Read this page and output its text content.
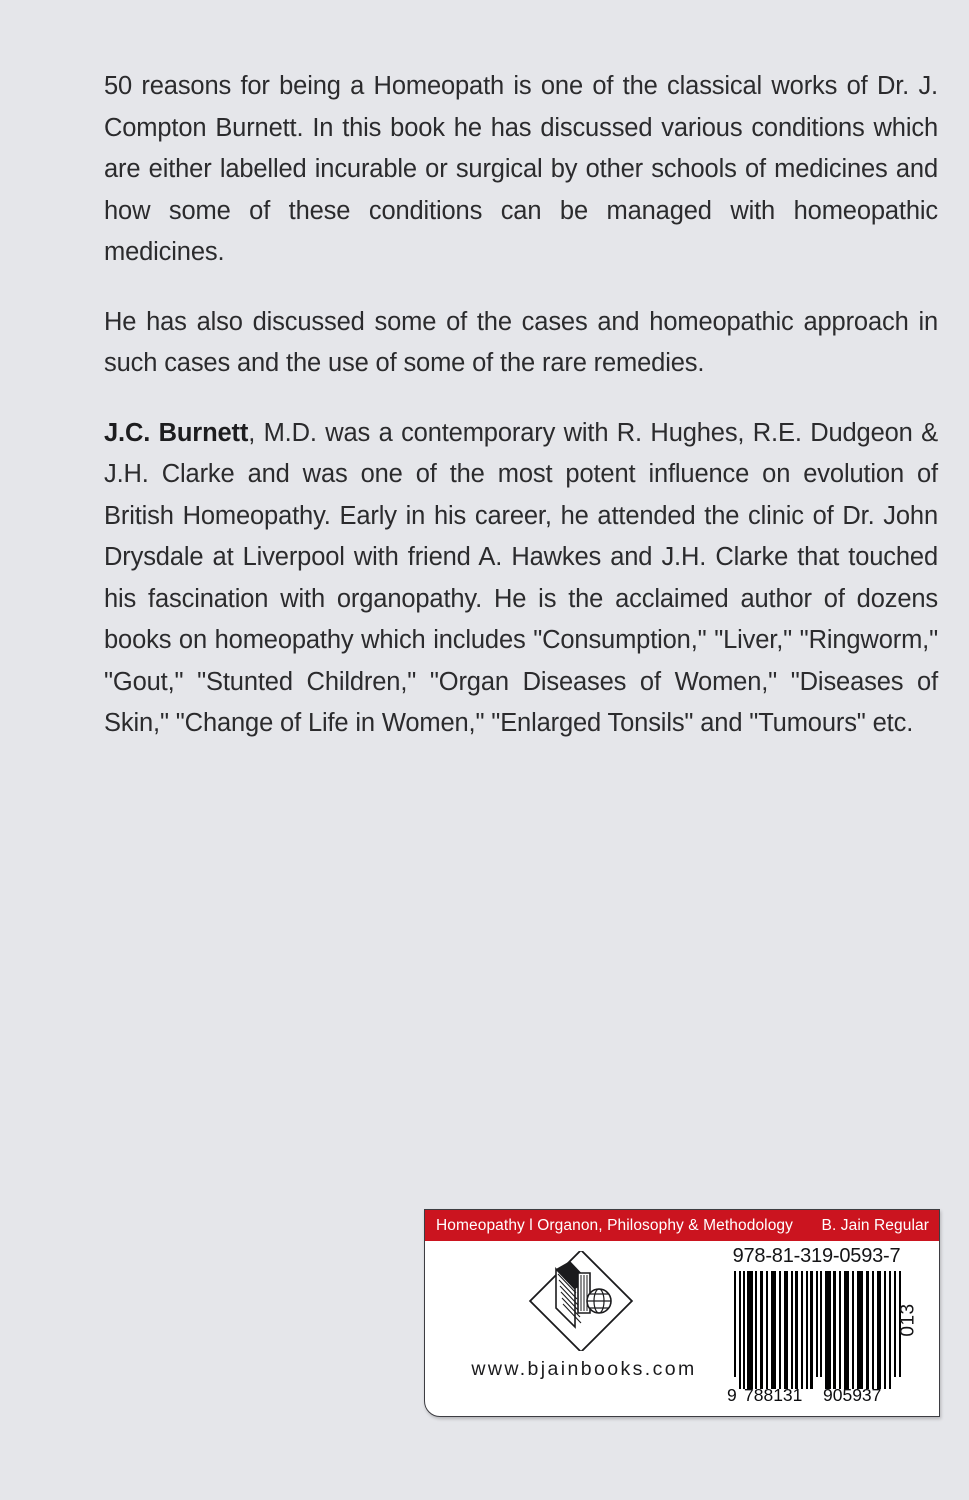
50 reasons for being a Homeopath is one of the classical works of Dr. J. Compton Burnett. In this book he has discussed various conditions which are either labelled incurable or surgical by other schools of medicines and how some of these conditions can be managed with homeopathic medicines.

He has also discussed some of the cases and homeopathic approach in such cases and the use of some of the rare remedies.

J.C. Burnett, M.D. was a contemporary with R. Hughes, R.E. Dudgeon & J.H. Clarke and was one of the most potent influence on evolution of British Homeopathy. Early in his career, he attended the clinic of Dr. John Drysdale at Liverpool with friend A. Hawkes and J.H. Clarke that touched his fascination with organopathy. He is the acclaimed author of dozens books on homeopathy which includes "Consumption," "Liver," "Ringworm," "Gout," "Stunted Children," "Organ Diseases of Women," "Diseases of Skin," "Change of Life in Women," "Enlarged Tonsils" and "Tumours" etc.

Homeopathy l Organon, Philosophy & Methodology B. Jain Regular
www.bjainbooks.com
978-81-319-0593-7
9 788131 905937
013
